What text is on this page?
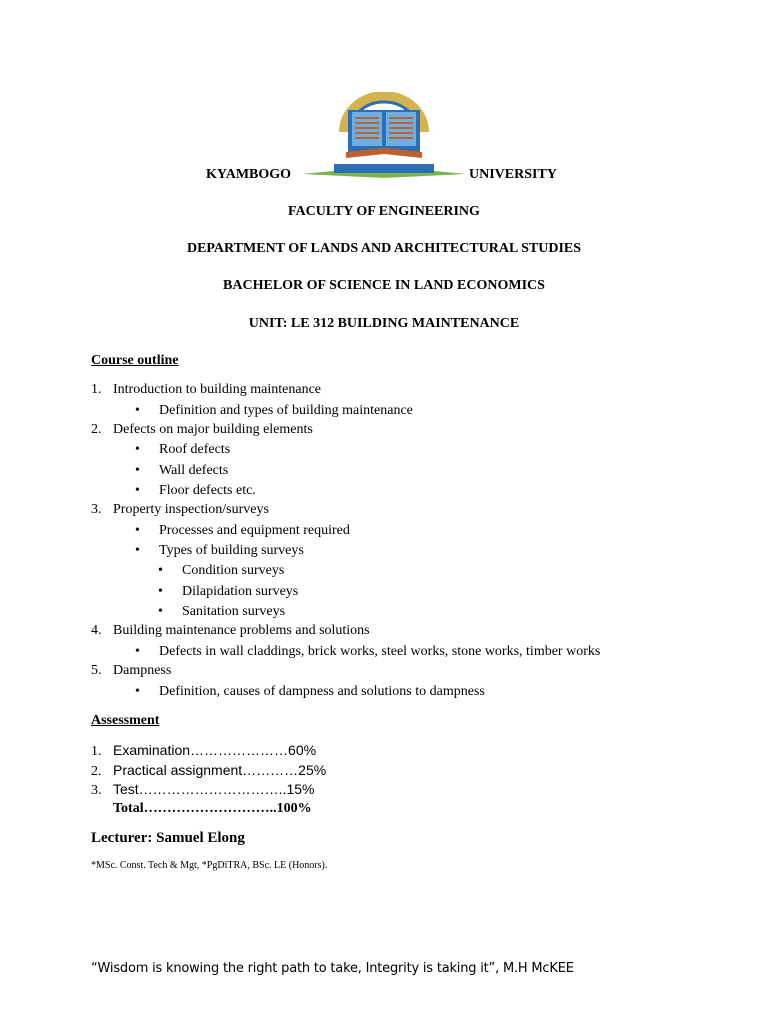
KYAMBOGO	UNIVERSITY
FACULTY OF ENGINEERING
DEPARTMENT OF LANDS AND ARCHITECTURAL STUDIES
BACHELOR OF SCIENCE IN LAND ECONOMICS
UNIT: LE 312 BUILDING MAINTENANCE
Course outline
1. Introduction to building maintenance
• Definition and types of building maintenance
2. Defects on major building elements
• Roof defects
• Wall defects
• Floor defects etc.
3. Property inspection/surveys
• Processes and equipment required
• Types of building surveys
• Condition surveys
• Dilapidation surveys
• Sanitation surveys
4. Building maintenance problems and solutions
• Defects in wall claddings, brick works, steel works, stone works, timber works
5. Dampness
• Definition, causes of dampness and solutions to dampness
Assessment
1. Examination…………………60%
2. Practical assignment…………25%
3. Test…………………………..15%
Total………………………..100%
Lecturer: Samuel Elong
*MSc. Const. Tech & Mgt, *PgDiTRA, BSc. LE (Honors).
“Wisdom is knowing the right path to take, Integrity is taking it”, M.H McKEE
